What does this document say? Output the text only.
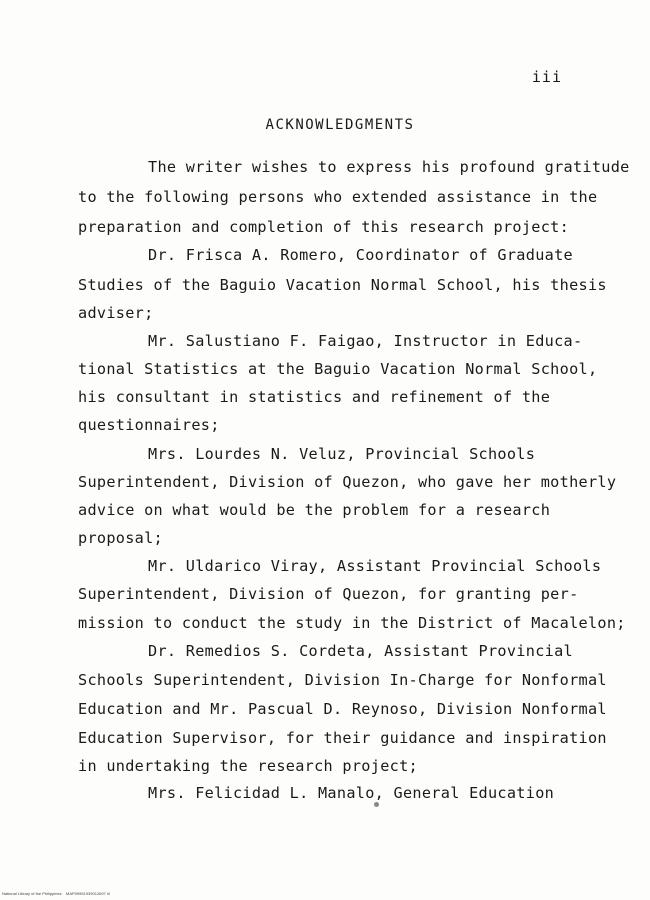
iii
ACKNOWLEDGMENTS
The writer wishes to express his profound gratitude
to the following persons who extended assistance in the
preparation and completion of this research project:
Dr. Frisca A. Romero, Coordinator of Graduate
Studies of the Baguio Vacation Normal School, his thesis
adviser;
Mr. Salustiano F. Faigao, Instructor in Educa-
tional Statistics at the Baguio Vacation Normal School,
his consultant in statistics and refinement of the
questionnaires;
Mrs. Lourdes N. Veluz, Provincial Schools
Superintendent, Division of Quezon, who gave her motherly
advice on what would be the problem for a research
proposal;
Mr. Uldarico Viray, Assistant Provincial Schools
Superintendent, Division of Quezon, for granting per-
mission to conduct the study in the District of Macalelon;
Dr. Remedios S. Cordeta, Assistant Provincial
Schools Superintendent, Division In-Charge for Nonformal
Education and Mr. Pascual D. Reynoso, Division Nonformal
Education Supervisor, for their guidance and inspiration
in undertaking the research project;
Mrs. Felicidad L. Manalo, General Education
National Library of the Philippines    MAP09951939012697 iii
